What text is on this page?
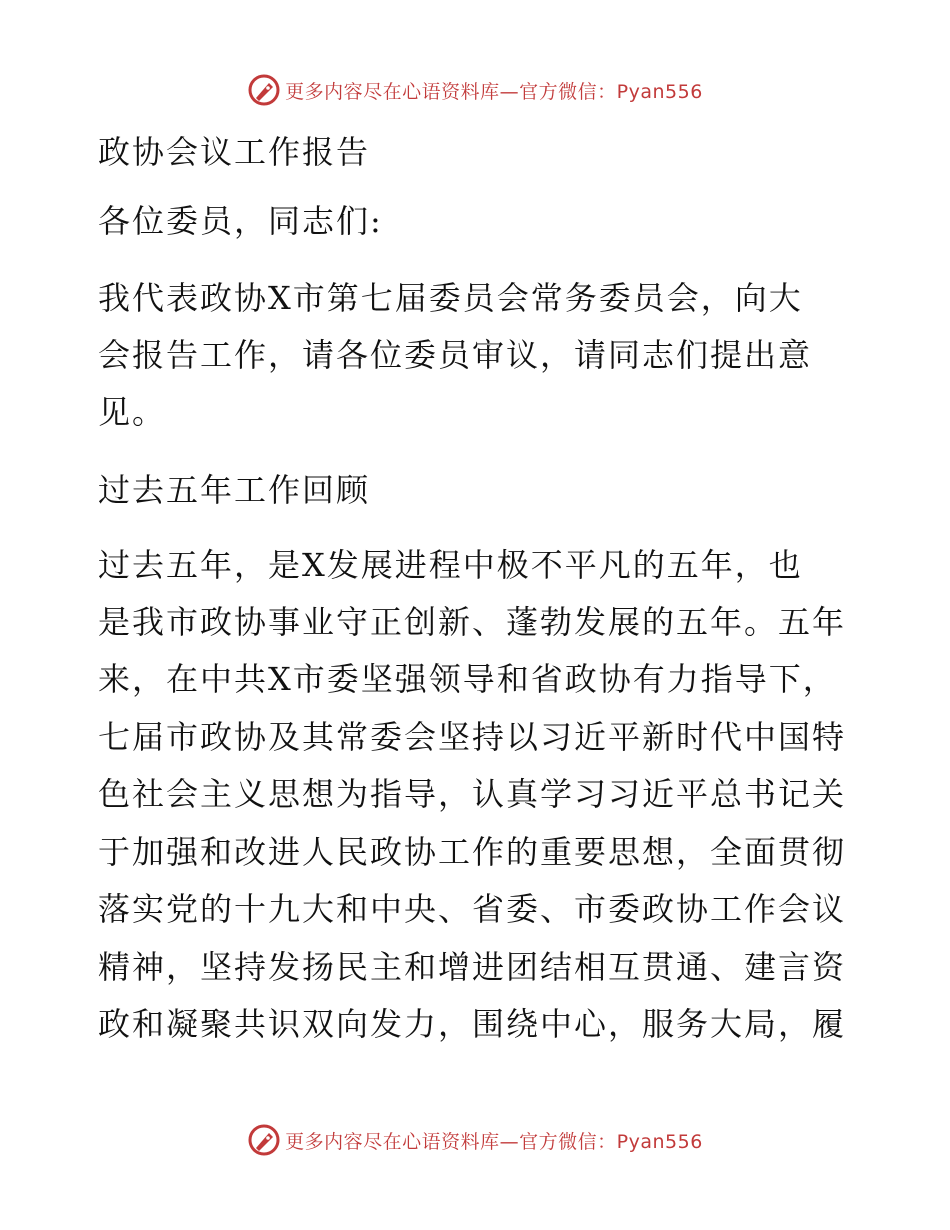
更多内容尽在心语资料库—官方微信：Pyan556

政协会议工作报告

各位委员，同志们:

我代表政协X市第七届委员会常务委员会，向大

会报告工作，请各位委员审议，请同志们提出意

见。

过去五年工作回顾

过去五年，是X发展进程中极不平凡的五年，也

是我市政协事业守正创新、蓬勃发展的五年。五年

来，在中共X市委坚强领导和省政协有力指导下，

七届市政协及其常委会坚持以习近平新时代中国特

色社会主义思想为指导，认真学习习近平总书记关

于加强和改进人民政协工作的重要思想，全面贯彻

落实党的十九大和中央、省委、市委政协工作会议

精神，坚持发扬民主和增进团结相互贯通、建言资

政和凝聚共识双向发力，围绕中心，服务大局，履

更多内容尽在心语资料库—官方微信：Pyan556
